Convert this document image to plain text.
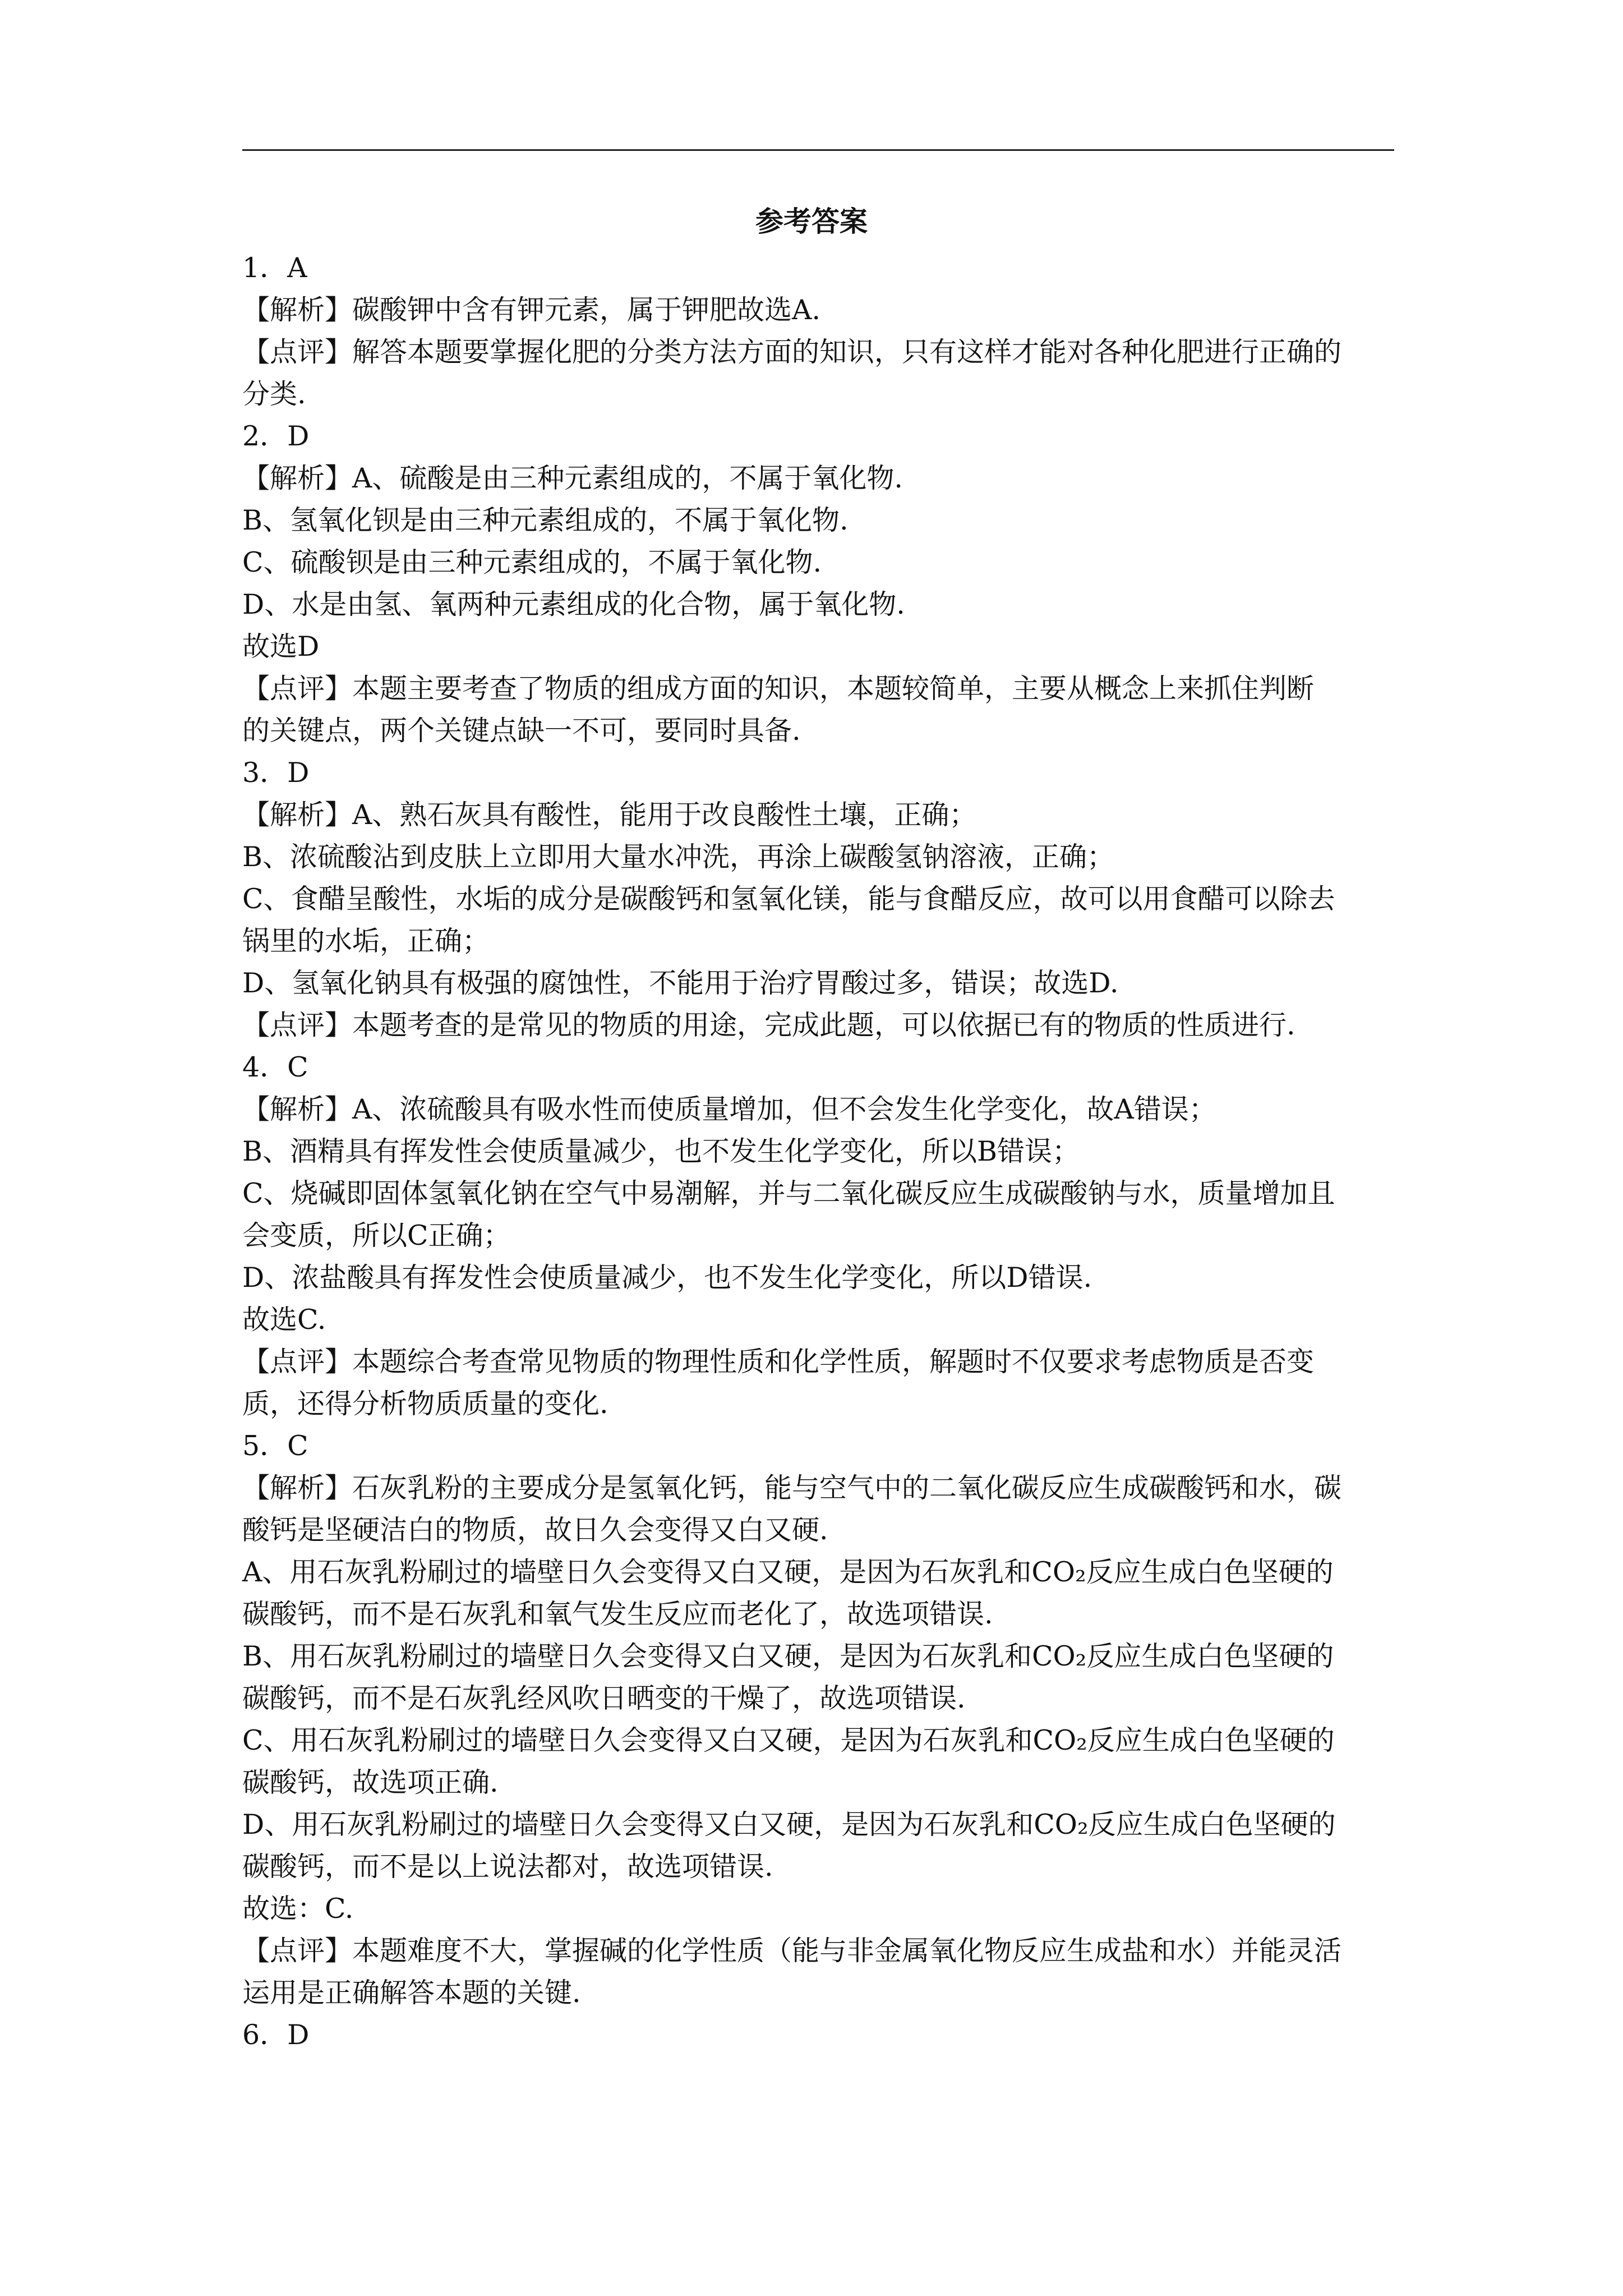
参考答案
1．A
【解析】碳酸钾中含有钾元素，属于钾肥故选A.
【点评】解答本题要掌握化肥的分类方法方面的知识，只有这样才能对各种化肥进行正确的
分类.
2．D
【解析】A、硫酸是由三种元素组成的，不属于氧化物.
B、氢氧化钡是由三种元素组成的，不属于氧化物.
C、硫酸钡是由三种元素组成的，不属于氧化物.
D、水是由氢、氧两种元素组成的化合物，属于氧化物.
故选D
【点评】本题主要考查了物质的组成方面的知识，本题较简单，主要从概念上来抓住判断
的关键点，两个关键点缺一不可，要同时具备.
3．D
【解析】A、熟石灰具有酸性，能用于改良酸性土壤，正确；
B、浓硫酸沾到皮肤上立即用大量水冲洗，再涂上碳酸氢钠溶液，正确；
C、食醋呈酸性，水垢的成分是碳酸钙和氢氧化镁，能与食醋反应，故可以用食醋可以除去
锅里的水垢，正确；
D、氢氧化钠具有极强的腐蚀性，不能用于治疗胃酸过多，错误；故选D.
【点评】本题考查的是常见的物质的用途，完成此题，可以依据已有的物质的性质进行.
4．C
【解析】A、浓硫酸具有吸水性而使质量增加，但不会发生化学变化，故A错误；
B、酒精具有挥发性会使质量减少，也不发生化学变化，所以B错误；
C、烧碱即固体氢氧化钠在空气中易潮解，并与二氧化碳反应生成碳酸钠与水，质量增加且
会变质，所以C正确；
D、浓盐酸具有挥发性会使质量减少，也不发生化学变化，所以D错误.
故选C.
【点评】本题综合考查常见物质的物理性质和化学性质，解题时不仅要求考虑物质是否变
质，还得分析物质质量的变化.
5．C
【解析】石灰乳粉的主要成分是氢氧化钙，能与空气中的二氧化碳反应生成碳酸钙和水，碳
酸钙是坚硬洁白的物质，故日久会变得又白又硬.
A、用石灰乳粉刷过的墙壁日久会变得又白又硬，是因为石灰乳和CO₂反应生成白色坚硬的
碳酸钙，而不是石灰乳和氧气发生反应而老化了，故选项错误.
B、用石灰乳粉刷过的墙壁日久会变得又白又硬，是因为石灰乳和CO₂反应生成白色坚硬的
碳酸钙，而不是石灰乳经风吹日晒变的干燥了，故选项错误.
C、用石灰乳粉刷过的墙壁日久会变得又白又硬，是因为石灰乳和CO₂反应生成白色坚硬的
碳酸钙，故选项正确.
D、用石灰乳粉刷过的墙壁日久会变得又白又硬，是因为石灰乳和CO₂反应生成白色坚硬的
碳酸钙，而不是以上说法都对，故选项错误.
故选：C.
【点评】本题难度不大，掌握碱的化学性质（能与非金属氧化物反应生成盐和水）并能灵活
运用是正确解答本题的关键.
6．D
